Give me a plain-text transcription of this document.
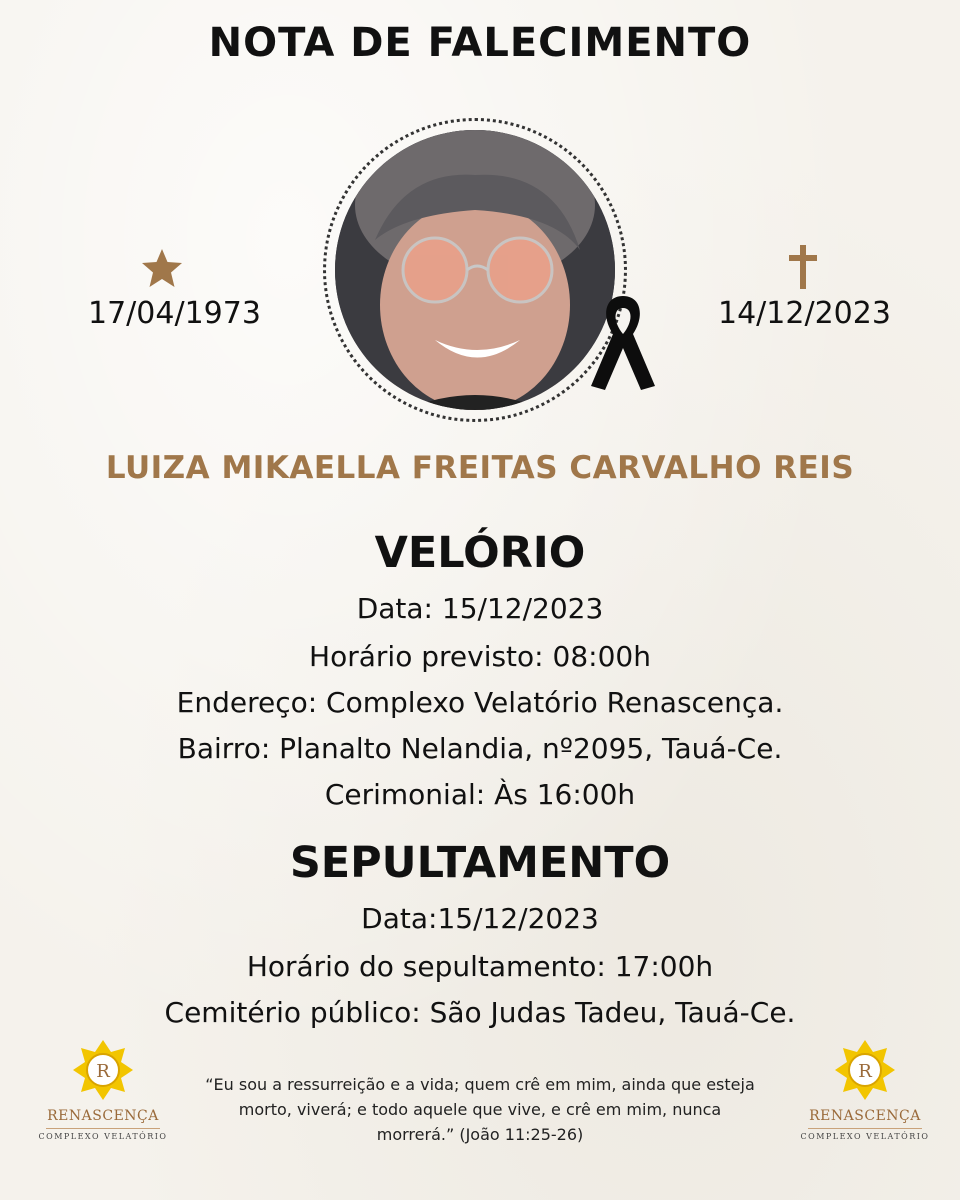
NOTA DE FALECIMENTO
17/04/1973	14/12/2023
LUIZA MIKAELLA FREITAS CARVALHO REIS
VELÓRIO
Data: 15/12/2023
Horário previsto: 08:00h
Endereço: Complexo Velatório Renascença.
Bairro: Planalto Nelandia, nº2095, Tauá-Ce.
Cerimonial: Às 16:00h
SEPULTAMENTO
Data:15/12/2023
Horário do sepultamento: 17:00h
Cemitério público: São Judas Tadeu, Tauá-Ce.
“Eu sou a ressurreição e a vida; quem crê em mim, ainda que esteja
morto, viverá; e todo aquele que vive, e crê em mim, nunca
morrerá.” (João 11:25-26)
R
RENASCENÇA
COMPLEXO VELATÓRIO
R
RENASCENÇA
COMPLEXO VELATÓRIO
